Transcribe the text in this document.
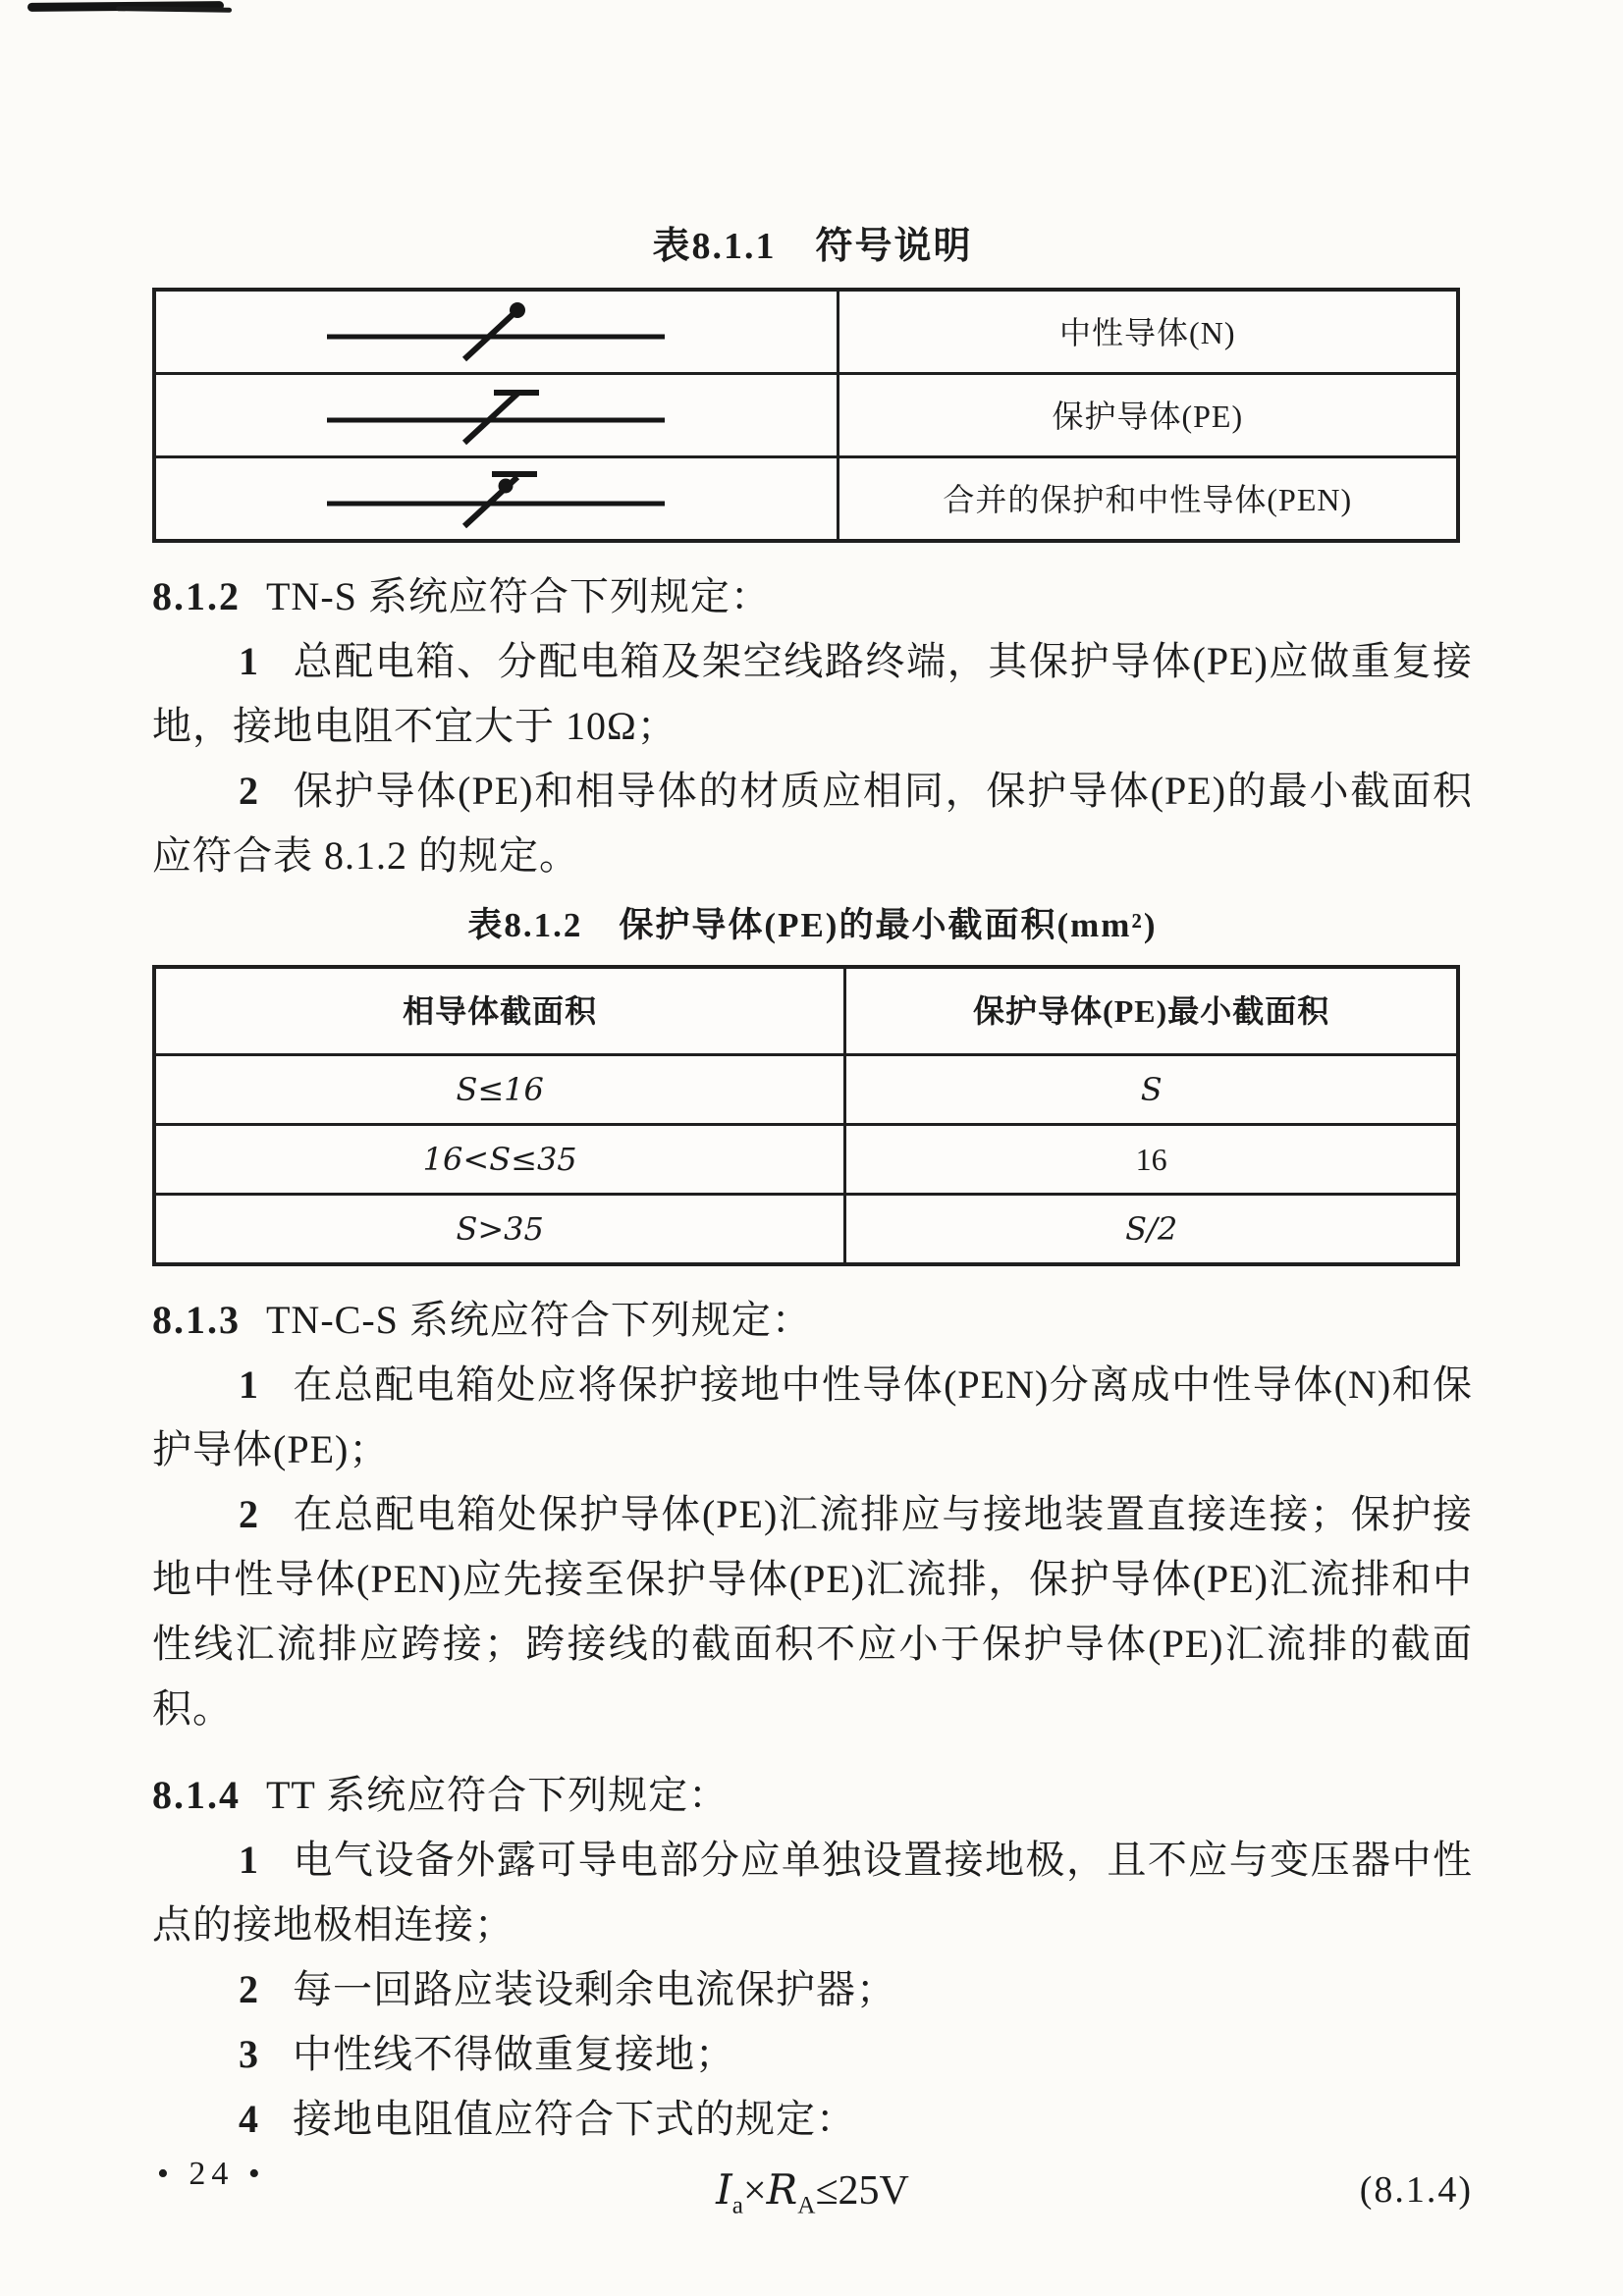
表8.1.1　符号说明
	中性导体(N)

	保护导体(PE)

	合并的保护和中性导体(PEN)

8.1.2 TN-S 系统应符合下列规定：

1 总配电箱、分配电箱及架空线路终端，其保护导体(PE)应做重复接地，接地电阻不宜大于 10Ω；

2 保护导体(PE)和相导体的材质应相同，保护导体(PE)的最小截面积应符合表 8.1.2 的规定。

表8.1.2　保护导体(PE)的最小截面积(mm²)
相导体截面积	保护导体(PE)最小截面积
S≤16	S
16<S≤35	16
S>35	S/2

8.1.3 TN-C-S 系统应符合下列规定：

1 在总配电箱处应将保护接地中性导体(PEN)分离成中性导体(N)和保护导体(PE)；

2 在总配电箱处保护导体(PE)汇流排应与接地装置直接连接；保护接地中性导体(PEN)应先接至保护导体(PE)汇流排，保护导体(PE)汇流排和中性线汇流排应跨接；跨接线的截面积不应小于保护导体(PE)汇流排的截面积。

8.1.4 TT 系统应符合下列规定：

1 电气设备外露可导电部分应单独设置接地极，且不应与变压器中性点的接地极相连接；

2 每一回路应装设剩余电流保护器；

3 中性线不得做重复接地；

4 接地电阻值应符合下式的规定：

$I_a\times R_A\le 25V$	(8.1.4)
• 24 •
